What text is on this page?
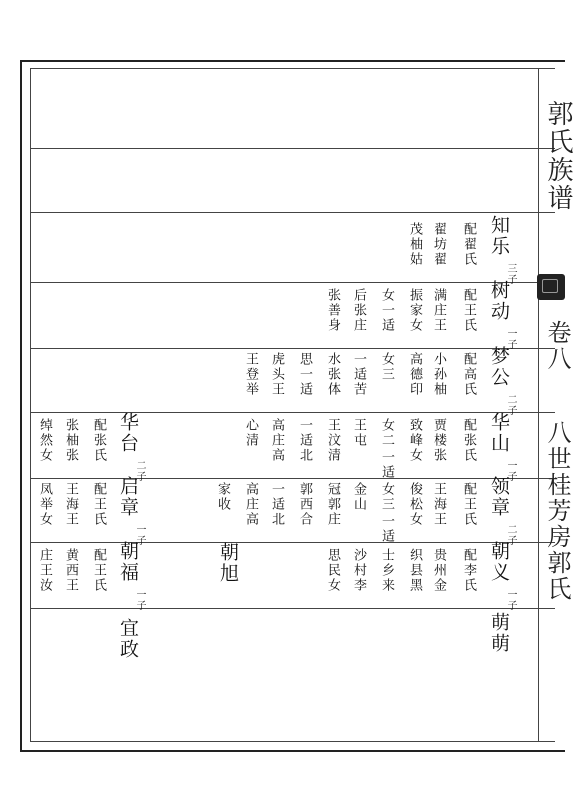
郭氏族谱
卷八
八世桂芳房郭氏
知乐
三子
配翟氏
翟坊翟
茂柚姑
树动
一子
配王氏
满庄王
振家女
女一适
后张庄
张善身
梦公
二子
配高氏
小孙柚
高德印
女三
一适苦
水张体
思一适
虎头王
王登举
华山
一子
配张氏
贾楼张
致峰女
女二
一适
王屯
王汶清
一适北
高庄高
心清
华台
二子
配张氏
张柚张
绰然女
领章
二子
配王氏
王海王
俊松女
女三
一适
金山
冠郭庄
郭西合
一适北
高庄高
家收
启章
一子
配王氏
王海王
凤举女
朝旭	朝义
一子
配李氏
贵州金
织县黑
士乡来
沙村李
思民女
朝福
一子
配王氏
黄西王
庄王汝
萌萌
宜政
